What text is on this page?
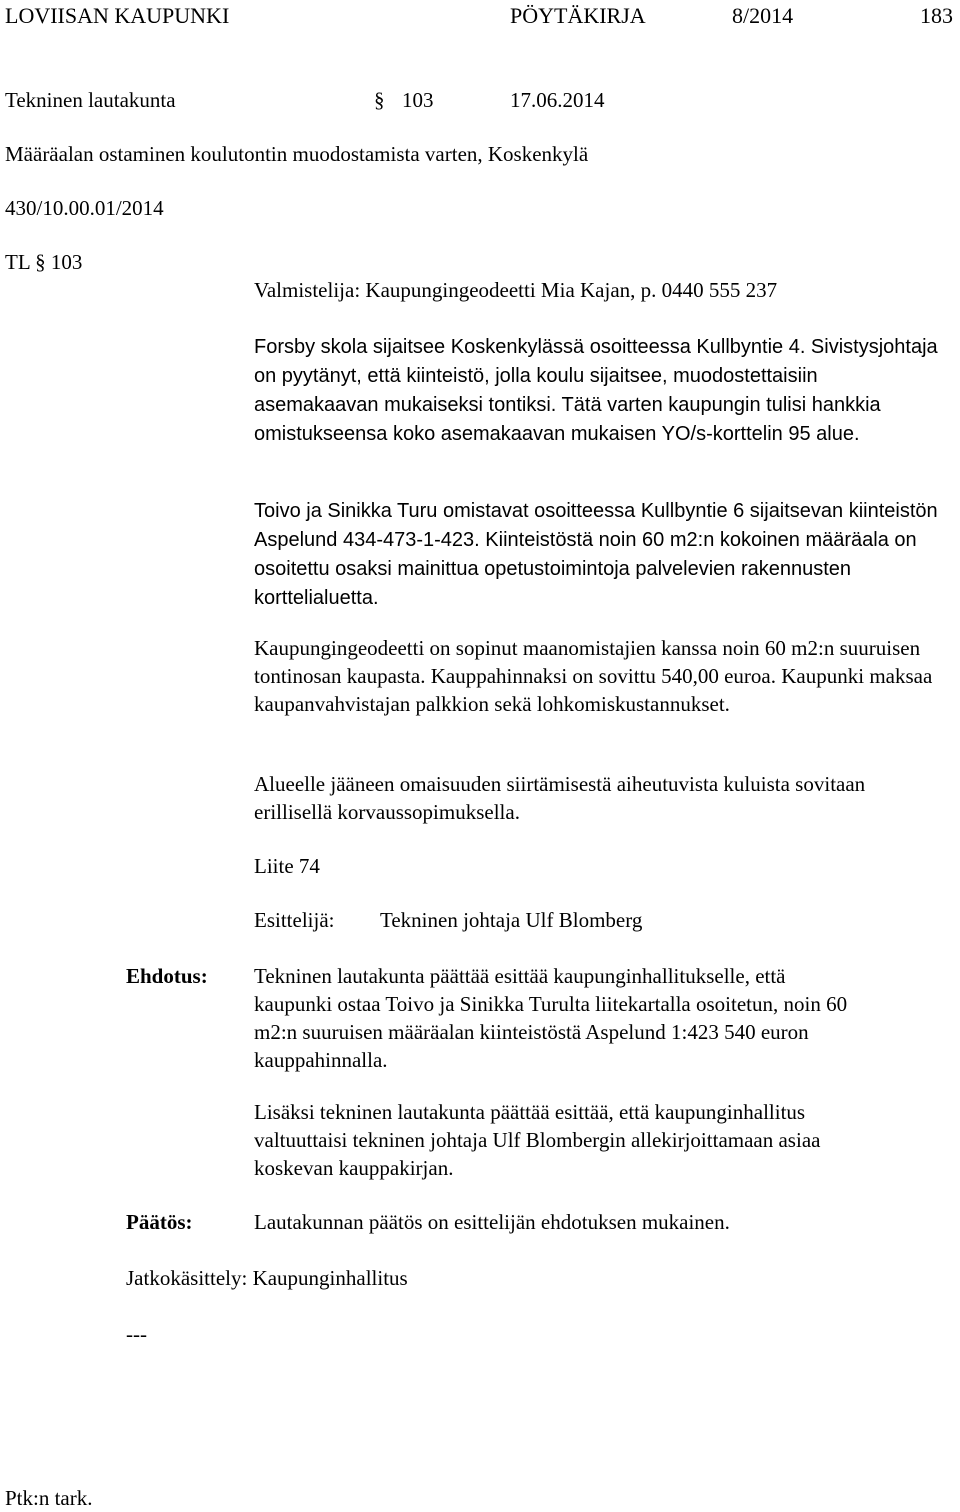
LOVIISAN KAUPUNKI	PÖYTÄKIRJA	8/2014	183
Tekninen lautakunta	§ 103	17.06.2014
Määräalan ostaminen koulutontin muodostamista varten, Koskenkylä
430/10.00.01/2014
TL § 103
Valmistelija: Kaupungingeodeetti Mia Kajan, p. 0440 555 237
Forsby skola sijaitsee Koskenkylässä osoitteessa Kullbyntie 4. Sivistysjohtaja on pyytänyt, että kiinteistö, jolla koulu sijaitsee, muodostettaisiin asemakaavan mukaiseksi tontiksi. Tätä varten kaupungin tulisi hankkia omistukseensa koko asemakaavan mukaisen YO/s-korttelin 95 alue.
Toivo ja Sinikka Turu omistavat osoitteessa Kullbyntie 6 sijaitsevan kiinteistön Aspelund 434-473-1-423. Kiinteistöstä noin 60 m2:n kokoinen määräala on osoitettu osaksi mainittua opetustoimintoja palvelevien rakennusten korttelialuetta.
Kaupungingeodeetti on sopinut maanomistajien kanssa noin 60 m2:n suuruisen tontinosan kaupasta. Kauppahinnaksi on sovittu 540,00 euroa. Kaupunki maksaa kaupanvahvistajan palkkion sekä lohkomiskustannukset.
Alueelle jääneen omaisuuden siirtämisestä aiheutuvista kuluista sovitaan erillisellä korvaussopimuksella.
Liite 74
Esittelijä: Tekninen johtaja Ulf Blomberg
Ehdotus: Tekninen lautakunta päättää esittää kaupunginhallitukselle, että kaupunki ostaa Toivo ja Sinikka Turulta liitekartalla osoitetun, noin 60 m2:n suuruisen määräalan kiinteistöstä Aspelund 1:423 540 euron kauppahinnalla.
Lisäksi tekninen lautakunta päättää esittää, että kaupunginhallitus valtuuttaisi tekninen johtaja Ulf Blombergin allekirjoittamaan asiaa koskevan kauppakirjan.
Päätös:	Lautakunnan päätös on esittelijän ehdotuksen mukainen.
Jatkokäsittely: Kaupunginhallitus
---
Ptk:n tark.
